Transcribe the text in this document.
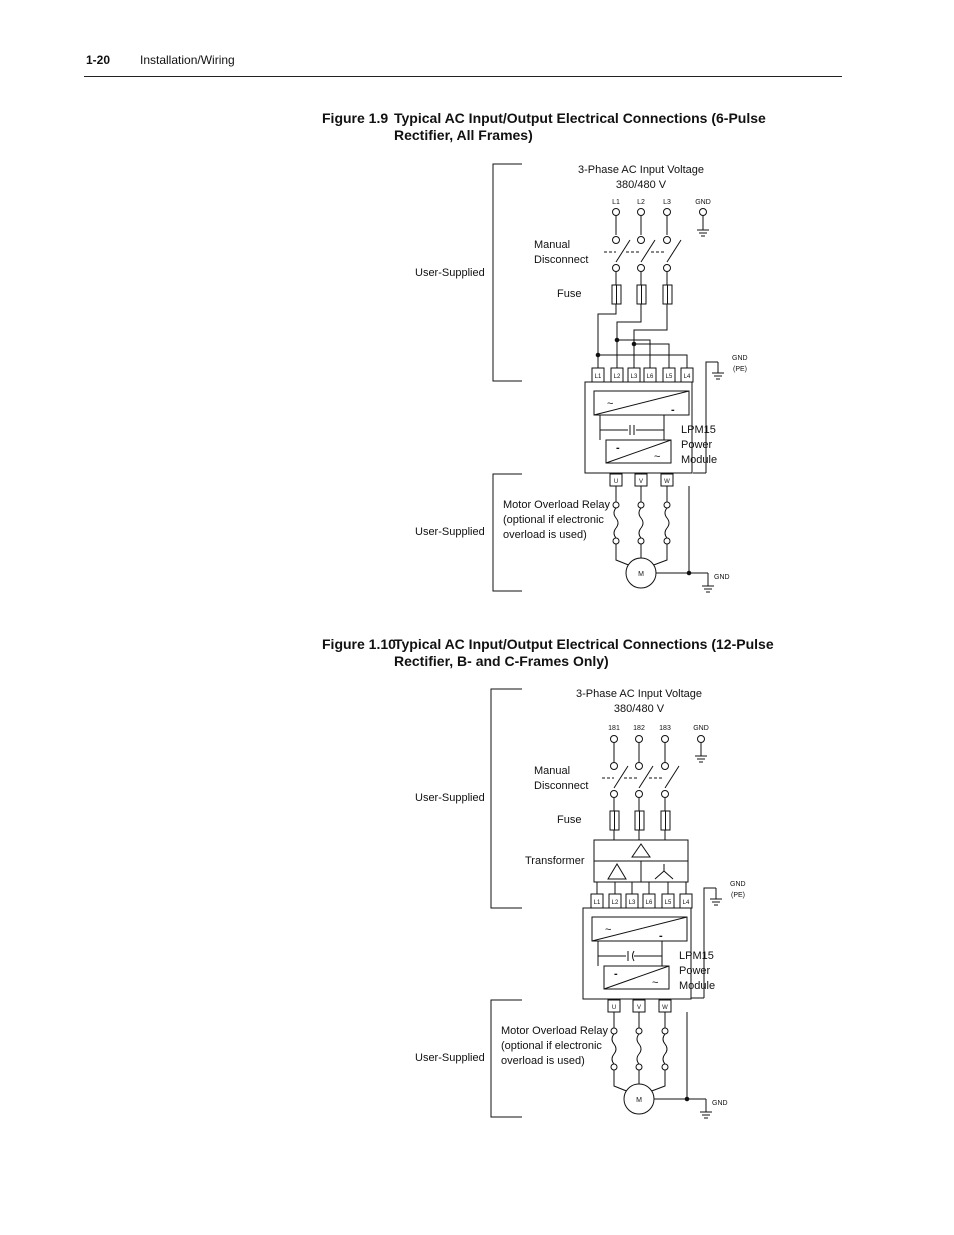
1-20 Installation/Wiring
Figure 1.9 Typical AC Input/Output Electrical Connections (6-Pulse Rectifier, All Frames)
Figure 1.10
Typical AC Input/Output Electrical Connections (12-Pulse Rectifier, B- and C-Frames Only)
3-Phase AC Input Voltage
380/480 V
L1 L2	L3	GND
User-Supplied
Manual
Disconnect
Fuse
GND
(PE)
L1 L2 L3 L6 L5 L4
~	-
-
~
LPM15
Power
Module
U	V	W
Motor Overload Relay
(optional if electronic
overload is used)
User-Supplied
M	GND
3-Phase AC Input Voltage
380/480 V
181 182 183	GND
User-Supplied
Manual
Disconnect
Fuse
Transformer
GND
(PE)
L1 L2 L3 L6 L5 L4
~	-
-
~
LPM15
Power
Module
U	V	W
Motor Overload Relay
(optional if electronic
overload is used)
User-Supplied
M	GND
